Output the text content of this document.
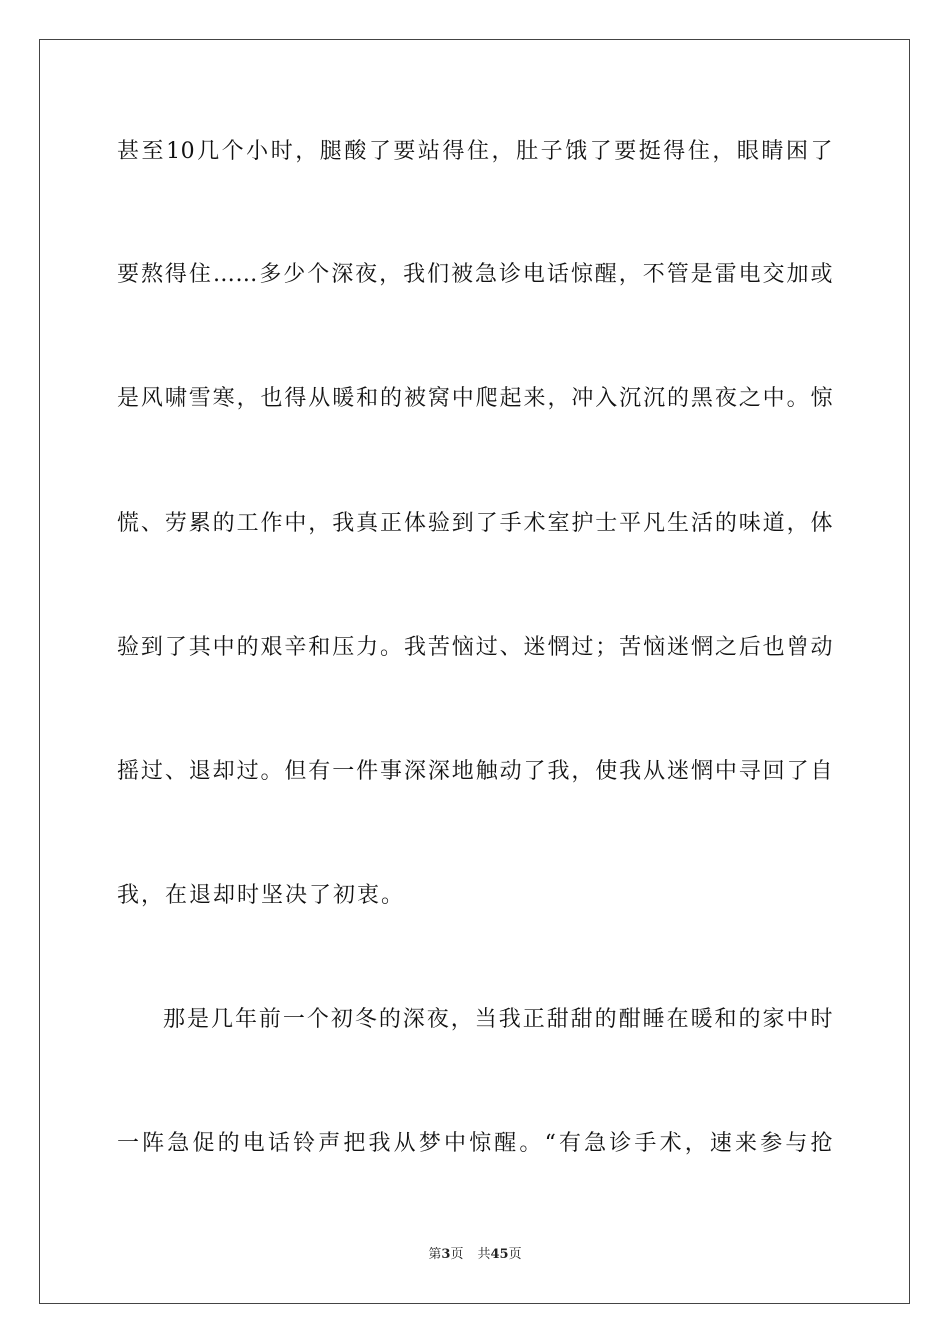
甚至10几个小时，腿酸了要站得住，肚子饿了要挺得住，眼睛困了
要熬得住……多少个深夜，我们被急诊电话惊醒，不管是雷电交加或
是风啸雪寒，也得从暖和的被窝中爬起来，冲入沉沉的黑夜之中。惊
慌、劳累的工作中，我真正体验到了手术室护士平凡生活的味道，体
验到了其中的艰辛和压力。我苦恼过、迷惘过；苦恼迷惘之后也曾动
摇过、退却过。但有一件事深深地触动了我，使我从迷惘中寻回了自
我，在退却时坚决了初衷。
那是几年前一个初冬的深夜，当我正甜甜的酣睡在暖和的家中时
一阵急促的电话铃声把我从梦中惊醒。“有急诊手术，速来参与抢
第3页 共45页
